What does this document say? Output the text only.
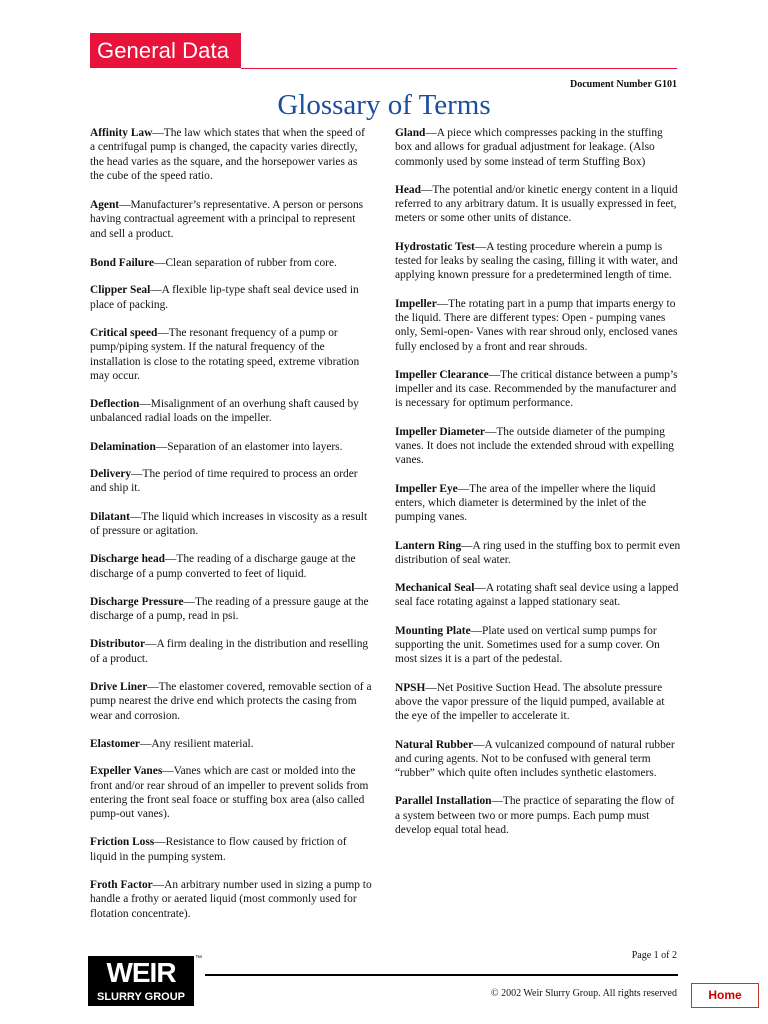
General Data
Document Number G101
Glossary of Terms

Affinity Law—The law which states that when the speed of a centrifugal pump is changed, the capacity varies directly, the head varies as the square, and the horsepower varies as the cube of the speed ratio.

Agent—Manufacturer’s representative. A person or persons having contractual agreement with a principal to represent and sell a product.

Bond Failure—Clean separation of rubber from core.

Clipper Seal—A flexible lip-type shaft seal device used in place of packing.

Critical speed—The resonant frequency of a pump or pump/piping system. If the natural frequency of the installation is close to the rotating speed, extreme vibration may occur.

Deflection—Misalignment of an overhung shaft caused by unbalanced radial loads on the impeller.

Delamination—Separation of an elastomer into layers.

Delivery—The period of time required to process an order and ship it.

Dilatant—The liquid which increases in viscosity as a result of pressure or agitation.

Discharge head—The reading of a discharge gauge at the discharge of a pump converted to feet of liquid.

Discharge Pressure—The reading of a pressure gauge at the discharge of a pump, read in psi.

Distributor—A firm dealing in the distribution and reselling of a product.

Drive Liner—The elastomer covered, removable section of a pump nearest the drive end which protects the casing from wear and corrosion.

Elastomer—Any resilient material.

Expeller Vanes—Vanes which are cast or molded into the front and/or rear shroud of an impeller to prevent solids from entering the front seal foace or stuffing box area (also called pump-out vanes).

Friction Loss—Resistance to flow caused by friction of liquid in the pumping system.

Froth Factor—An arbitrary number used in sizing a pump to handle a frothy or aerated liquid (most commonly used for flotation concentrate).

Gland—A piece which compresses packing in the stuffing box and allows for gradual adjustment for leakage. (Also commonly used by some instead of term Stuffing Box)

Head—The potential and/or kinetic energy content in a liquid referred to any arbitrary datum. It is usually expressed in feet, meters or some other units of distance.

Hydrostatic Test—A testing procedure wherein a pump is tested for leaks by sealing the casing, filling it with water, and applying known pressure for a predetermined length of time.

Impeller—The rotating part in a pump that imparts energy to the liquid. There are different types: Open - pumping vanes only, Semi-open- Vanes with rear shroud only, enclosed vanes fully enclosed by a front and rear shrouds.

Impeller Clearance—The critical distance between a pump’s impeller and its case. Recommended by the manufacturer and is necessary for optimum performance.

Impeller Diameter—The outside diameter of the pumping vanes. It does not include the extended shroud with expelling vanes.

Impeller Eye—The area of the impeller where the liquid enters, which diameter is determined by the inlet of the pumping vanes.

Lantern Ring—A ring used in the stuffing box to permit even distribution of seal water.

Mechanical Seal—A rotating shaft seal device using a lapped seal face rotating against a lapped stationary seat.

Mounting Plate—Plate used on vertical sump pumps for supporting the unit. Sometimes used for a sump cover. On most sizes it is a part of the pedestal.

NPSH—Net Positive Suction Head. The absolute pressure above the vapor pressure of the liquid pumped, available at the eye of the impeller to accelerate it.

Natural Rubber—A vulcanized compound of natural rubber and curing agents. Not to be confused with general term “rubber” which quite often includes synthetic elastomers.

Parallel Installation—The practice of separating the flow of a system between two or more pumps. Each pump must develop equal total head.

Page 1 of 2
WEIR
SLURRY GROUP
™
© 2002 Weir Slurry Group. All rights reserved	Home
